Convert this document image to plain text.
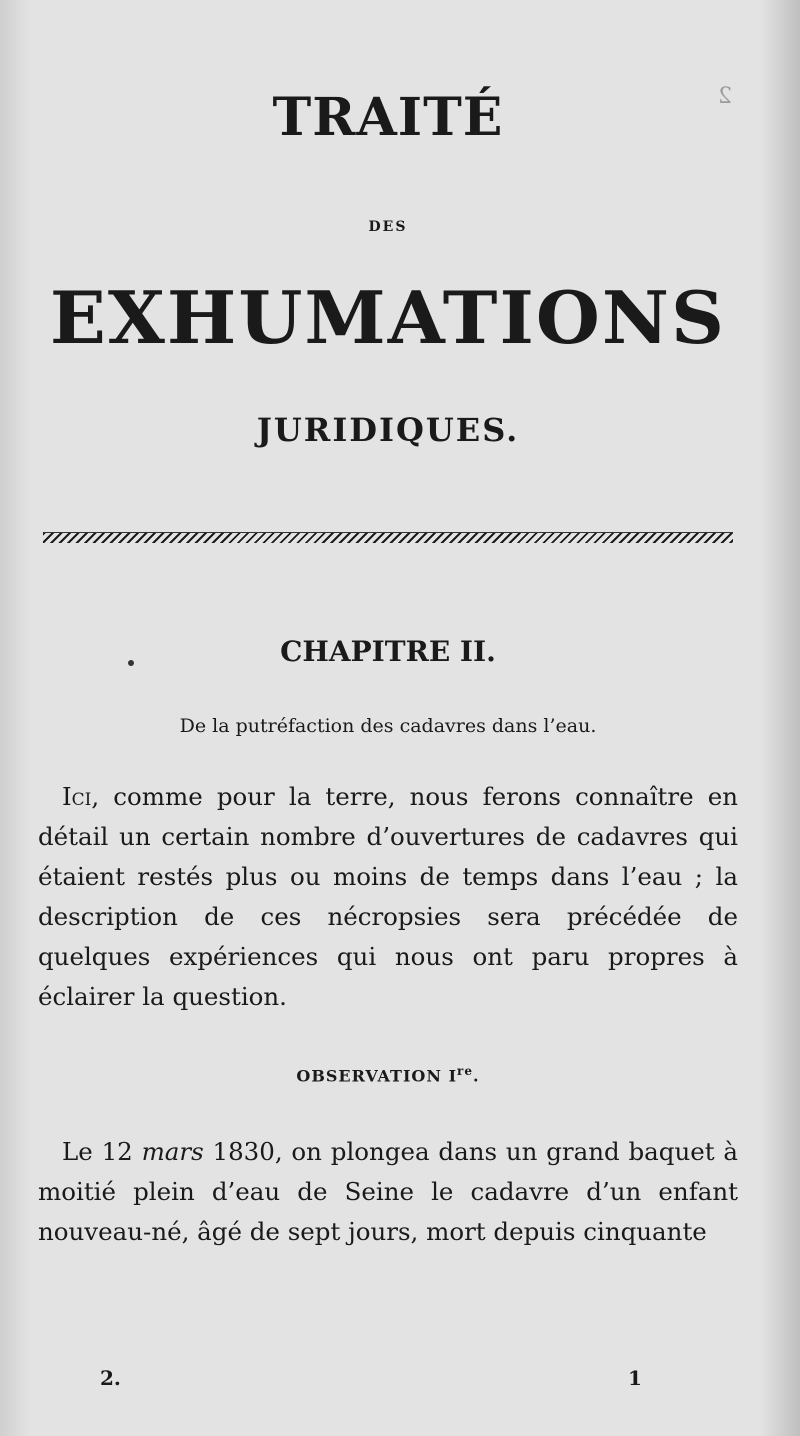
2
TRAITÉ
DES
EXHUMATIONS
JURIDIQUES.
CHAPITRE II.
De la putréfaction des cadavres dans l’eau.

Ici, comme pour la terre, nous ferons connaître en détail un certain nombre d’ouvertures de cadavres qui étaient restés plus ou moins de temps dans l’eau ; la description de ces nécropsies sera précédée de quelques expériences qui nous ont paru propres à éclairer la question.

OBSERVATION Ire.

Le 12 mars 1830, on plongea dans un grand baquet à moitié plein d’eau de Seine le cadavre d’un enfant nouveau-né, âgé de sept jours, mort depuis cinquante

2.	1
